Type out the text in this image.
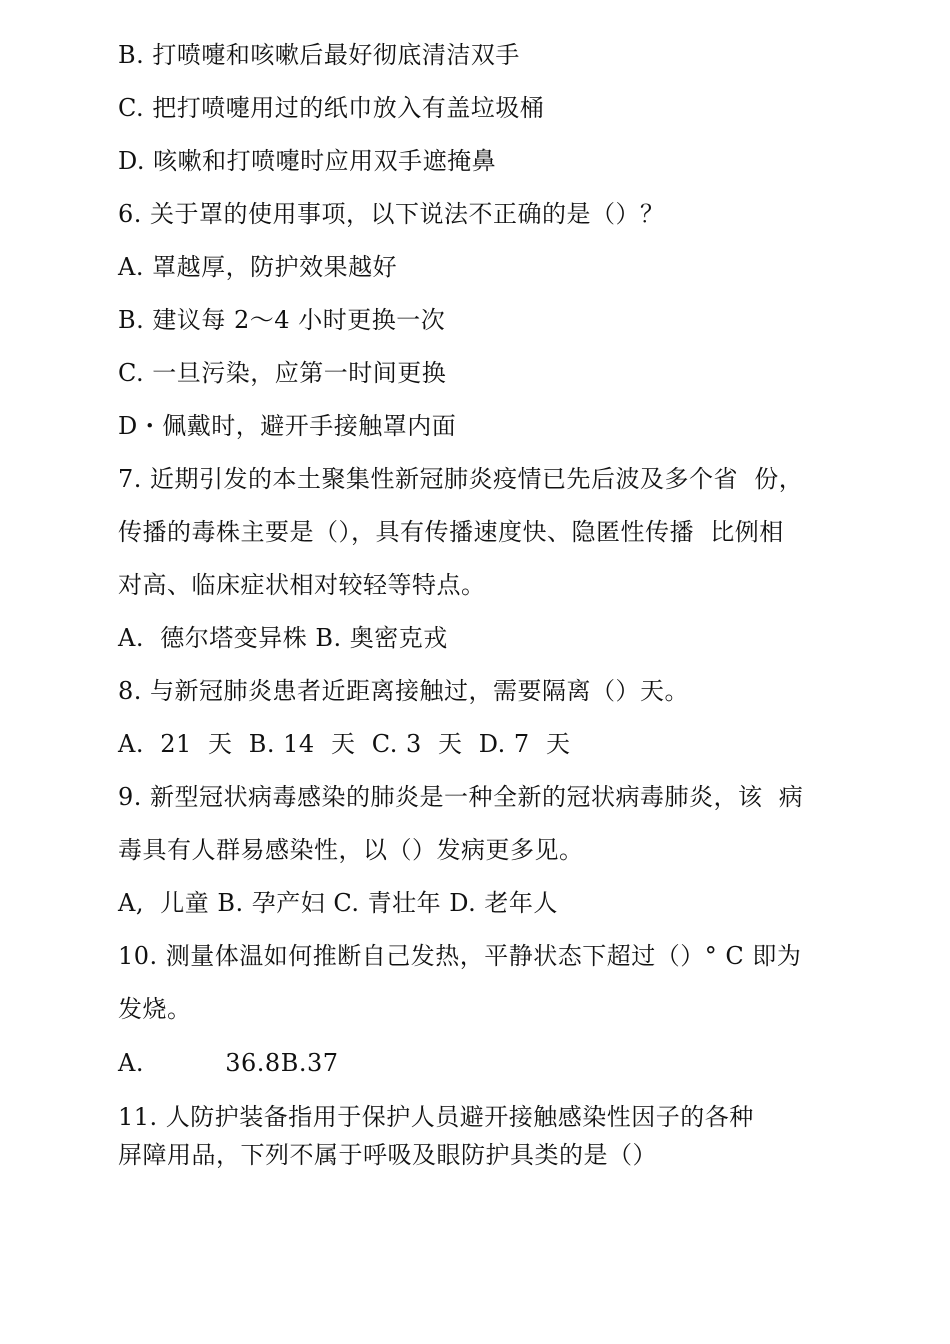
B. 打喷嚏和咳嗽后最好彻底清洁双手
C. 把打喷嚏用过的纸巾放入有盖垃圾桶
D. 咳嗽和打喷嚏时应用双手遮掩鼻
6. 关于罩的使用事项，以下说法不正确的是（）？
A. 罩越厚，防护效果越好
B. 建议每 2〜4 小时更换一次
C. 一旦污染，应第一时间更换
D・佩戴时，避开手接触罩内面
7. 近期引发的本土聚集性新冠肺炎疫情已先后波及多个省  份，
传播的毒株主要是（），具有传播速度快、隐匿性传播  比例相
对高、临床症状相对较轻等特点。
A.  德尔塔变异株 B. 奥密克戎
8. 与新冠肺炎患者近距离接触过，需要隔离（）天。
A.  21  天  B. 14  天  C. 3  天  D. 7  天
9. 新型冠状病毒感染的肺炎是一种全新的冠状病毒肺炎，该  病
毒具有人群易感染性，以（）发病更多见。
A,  儿童 B. 孕产妇 C. 青壮年 D. 老年人
10. 测量体温如何推断自己发热，平静状态下超过（）° C 即为
发烧。
A.          36.8B.37
11. 人防护装备指用于保护人员避开接触感染性因子的各种
屏障用品，下列不属于呼吸及眼防护具类的是（）
